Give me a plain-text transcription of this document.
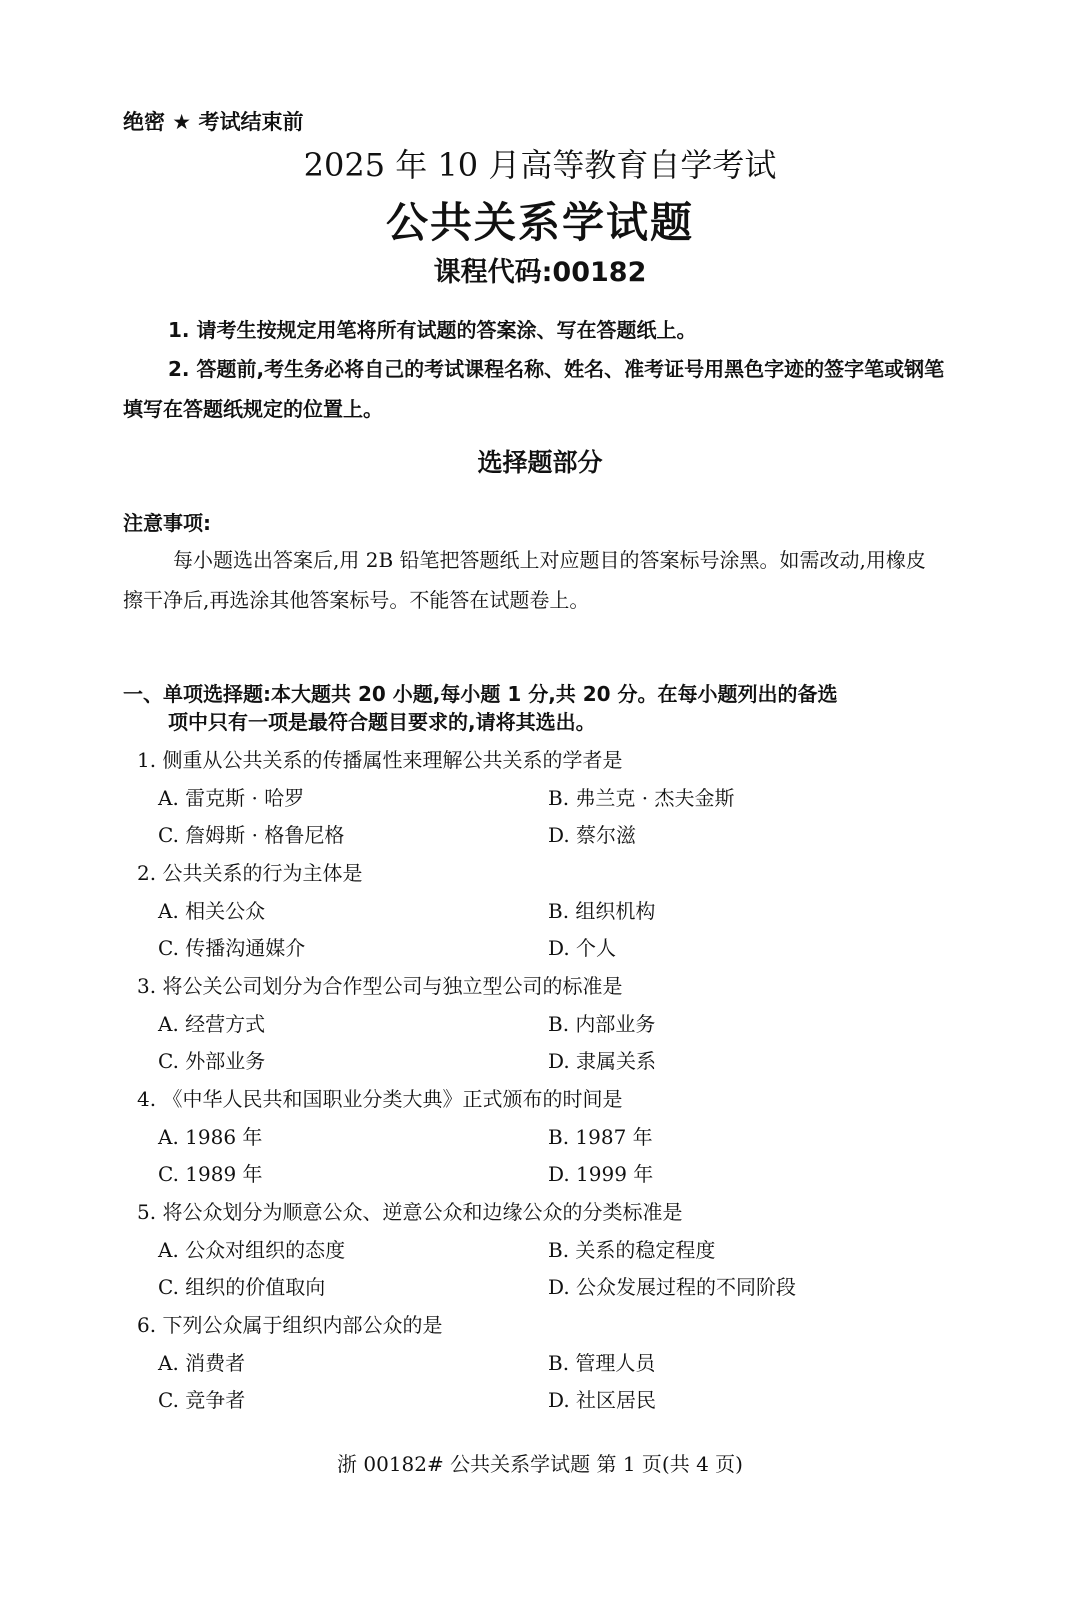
绝密 ★ 考试结束前
2025 年 10 月高等教育自学考试
公共关系学试题
课程代码:00182
1. 请考生按规定用笔将所有试题的答案涂、写在答题纸上。
2. 答题前,考生务必将自己的考试课程名称、姓名、准考证号用黑色字迹的签字笔或钢笔
填写在答题纸规定的位置上。
选择题部分
注意事项:
每小题选出答案后,用 2B 铅笔把答题纸上对应题目的答案标号涂黑。如需改动,用橡皮
擦干净后,再选涂其他答案标号。不能答在试题卷上。
一、单项选择题:本大题共 20 小题,每小题 1 分,共 20 分。在每小题列出的备选
项中只有一项是最符合题目要求的,请将其选出。
1. 侧重从公共关系的传播属性来理解公共关系的学者是
A. 雷克斯 · 哈罗	B. 弗兰克 · 杰夫金斯
C. 詹姆斯 · 格鲁尼格	D. 蔡尔滋
2. 公共关系的行为主体是
A. 相关公众	B. 组织机构
C. 传播沟通媒介	D. 个人
3. 将公关公司划分为合作型公司与独立型公司的标准是
A. 经营方式	B. 内部业务
C. 外部业务	D. 隶属关系
4. 《中华人民共和国职业分类大典》正式颁布的时间是
A. 1986 年	B. 1987 年
C. 1989 年	D. 1999 年
5. 将公众划分为顺意公众、逆意公众和边缘公众的分类标准是
A. 公众对组织的态度	B. 关系的稳定程度
C. 组织的价值取向	D. 公众发展过程的不同阶段
6. 下列公众属于组织内部公众的是
A. 消费者	B. 管理人员
C. 竞争者	D. 社区居民
浙 00182# 公共关系学试题 第 1 页(共 4 页)
